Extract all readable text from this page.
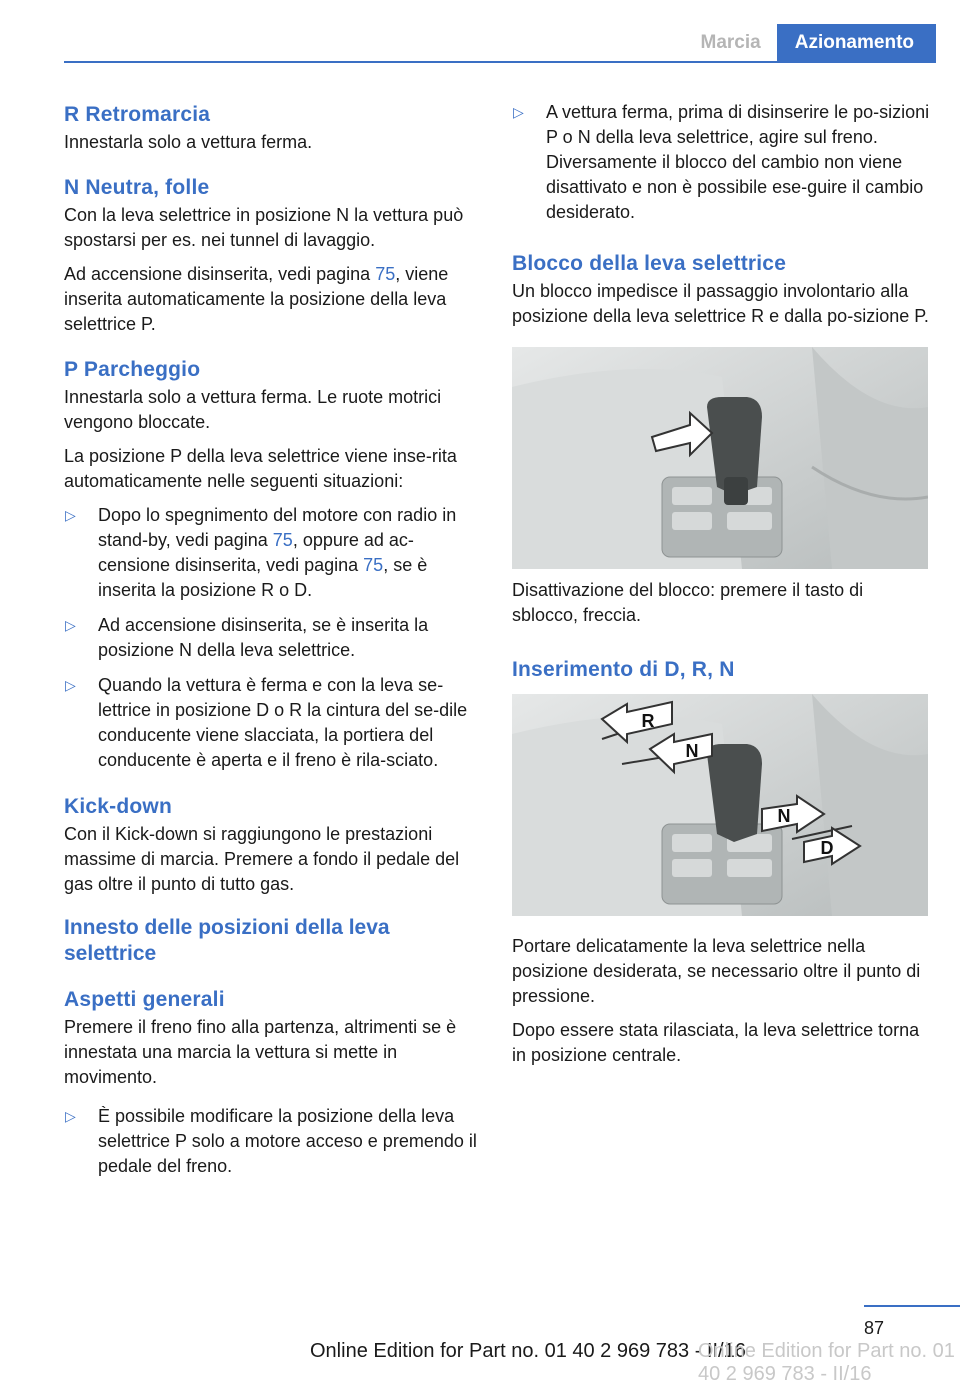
Marcia	Azionamento
R Retromarcia

Innestarla solo a vettura ferma.

N Neutra, folle

Con la leva selettrice in posizione N la vettura può spostarsi per es. nei tunnel di lavaggio.

Ad accensione disinserita, vedi pagina 75, viene inserita automaticamente la posizione della leva selettrice P.

P Parcheggio

Innestarla solo a vettura ferma. Le ruote motrici vengono bloccate.

La posizione P della leva selettrice viene inse‐rita automaticamente nelle seguenti situazioni:

▷ Dopo lo spegnimento del motore con radio in stand-by, vedi pagina 75, oppure ad ac‐censione disinserita, vedi pagina 75, se è inserita la posizione R o D.
▷ Ad accensione disinserita, se è inserita la posizione N della leva selettrice.
▷ Quando la vettura è ferma e con la leva se‐lettrice in posizione D o R la cintura del se‐dile conducente viene slacciata, la portiera del conducente è aperta e il freno è rila‐sciato.
Kick-down

Con il Kick-down si raggiungono le prestazioni massime di marcia. Premere a fondo il pedale del gas oltre il punto di tutto gas.

Innesto delle posizioni della leva selettrice
Aspetti generali

Premere il freno fino alla partenza, altrimenti se è innestata una marcia la vettura si mette in movimento.

▷ È possibile modificare la posizione della leva selettrice P solo a motore acceso e premendo il pedale del freno.
▷ A vettura ferma, prima di disinserire le po‐sizioni P o N della leva selettrice, agire sul freno. Diversamente il blocco del cambio non viene disattivato e non è possibile ese‐guire il cambio desiderato.
Blocco della leva selettrice

Un blocco impedisce il passaggio involontario alla posizione della leva selettrice R e dalla po‐sizione P.

Disattivazione del blocco: premere il tasto di sblocco, freccia.

Inserimento di D, R, N
R
N
N
D

Portare delicatamente la leva selettrice nella posizione desiderata, se necessario oltre il punto di pressione.

Dopo essere stata rilasciata, la leva selettrice torna in posizione centrale.

87
Online Edition for Part no. 01 40 2 969 783 - II/16
Online Edition for Part no. 01 40 2 969 783 - II/16
